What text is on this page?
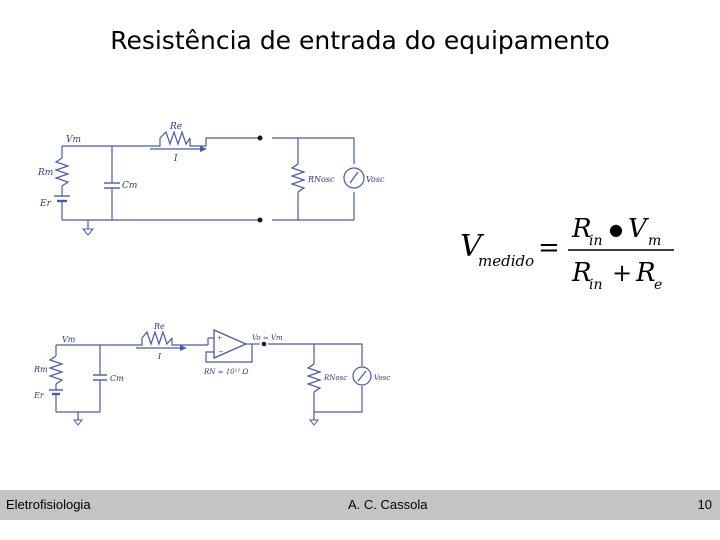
Resistência de entrada do equipamento
Vm
Re
I
Rm
Cm
Er
RNosc	Vosc
+
−
Vm
Re
I
Rm
Cm
Er
Vo ≈ Vm
RN ≈ 10¹² Ω
RNosc	Vosc
V
medido =
R
in
● V m
R
in + R
e
Eletrofisiologia	A. C. Cassola	10
